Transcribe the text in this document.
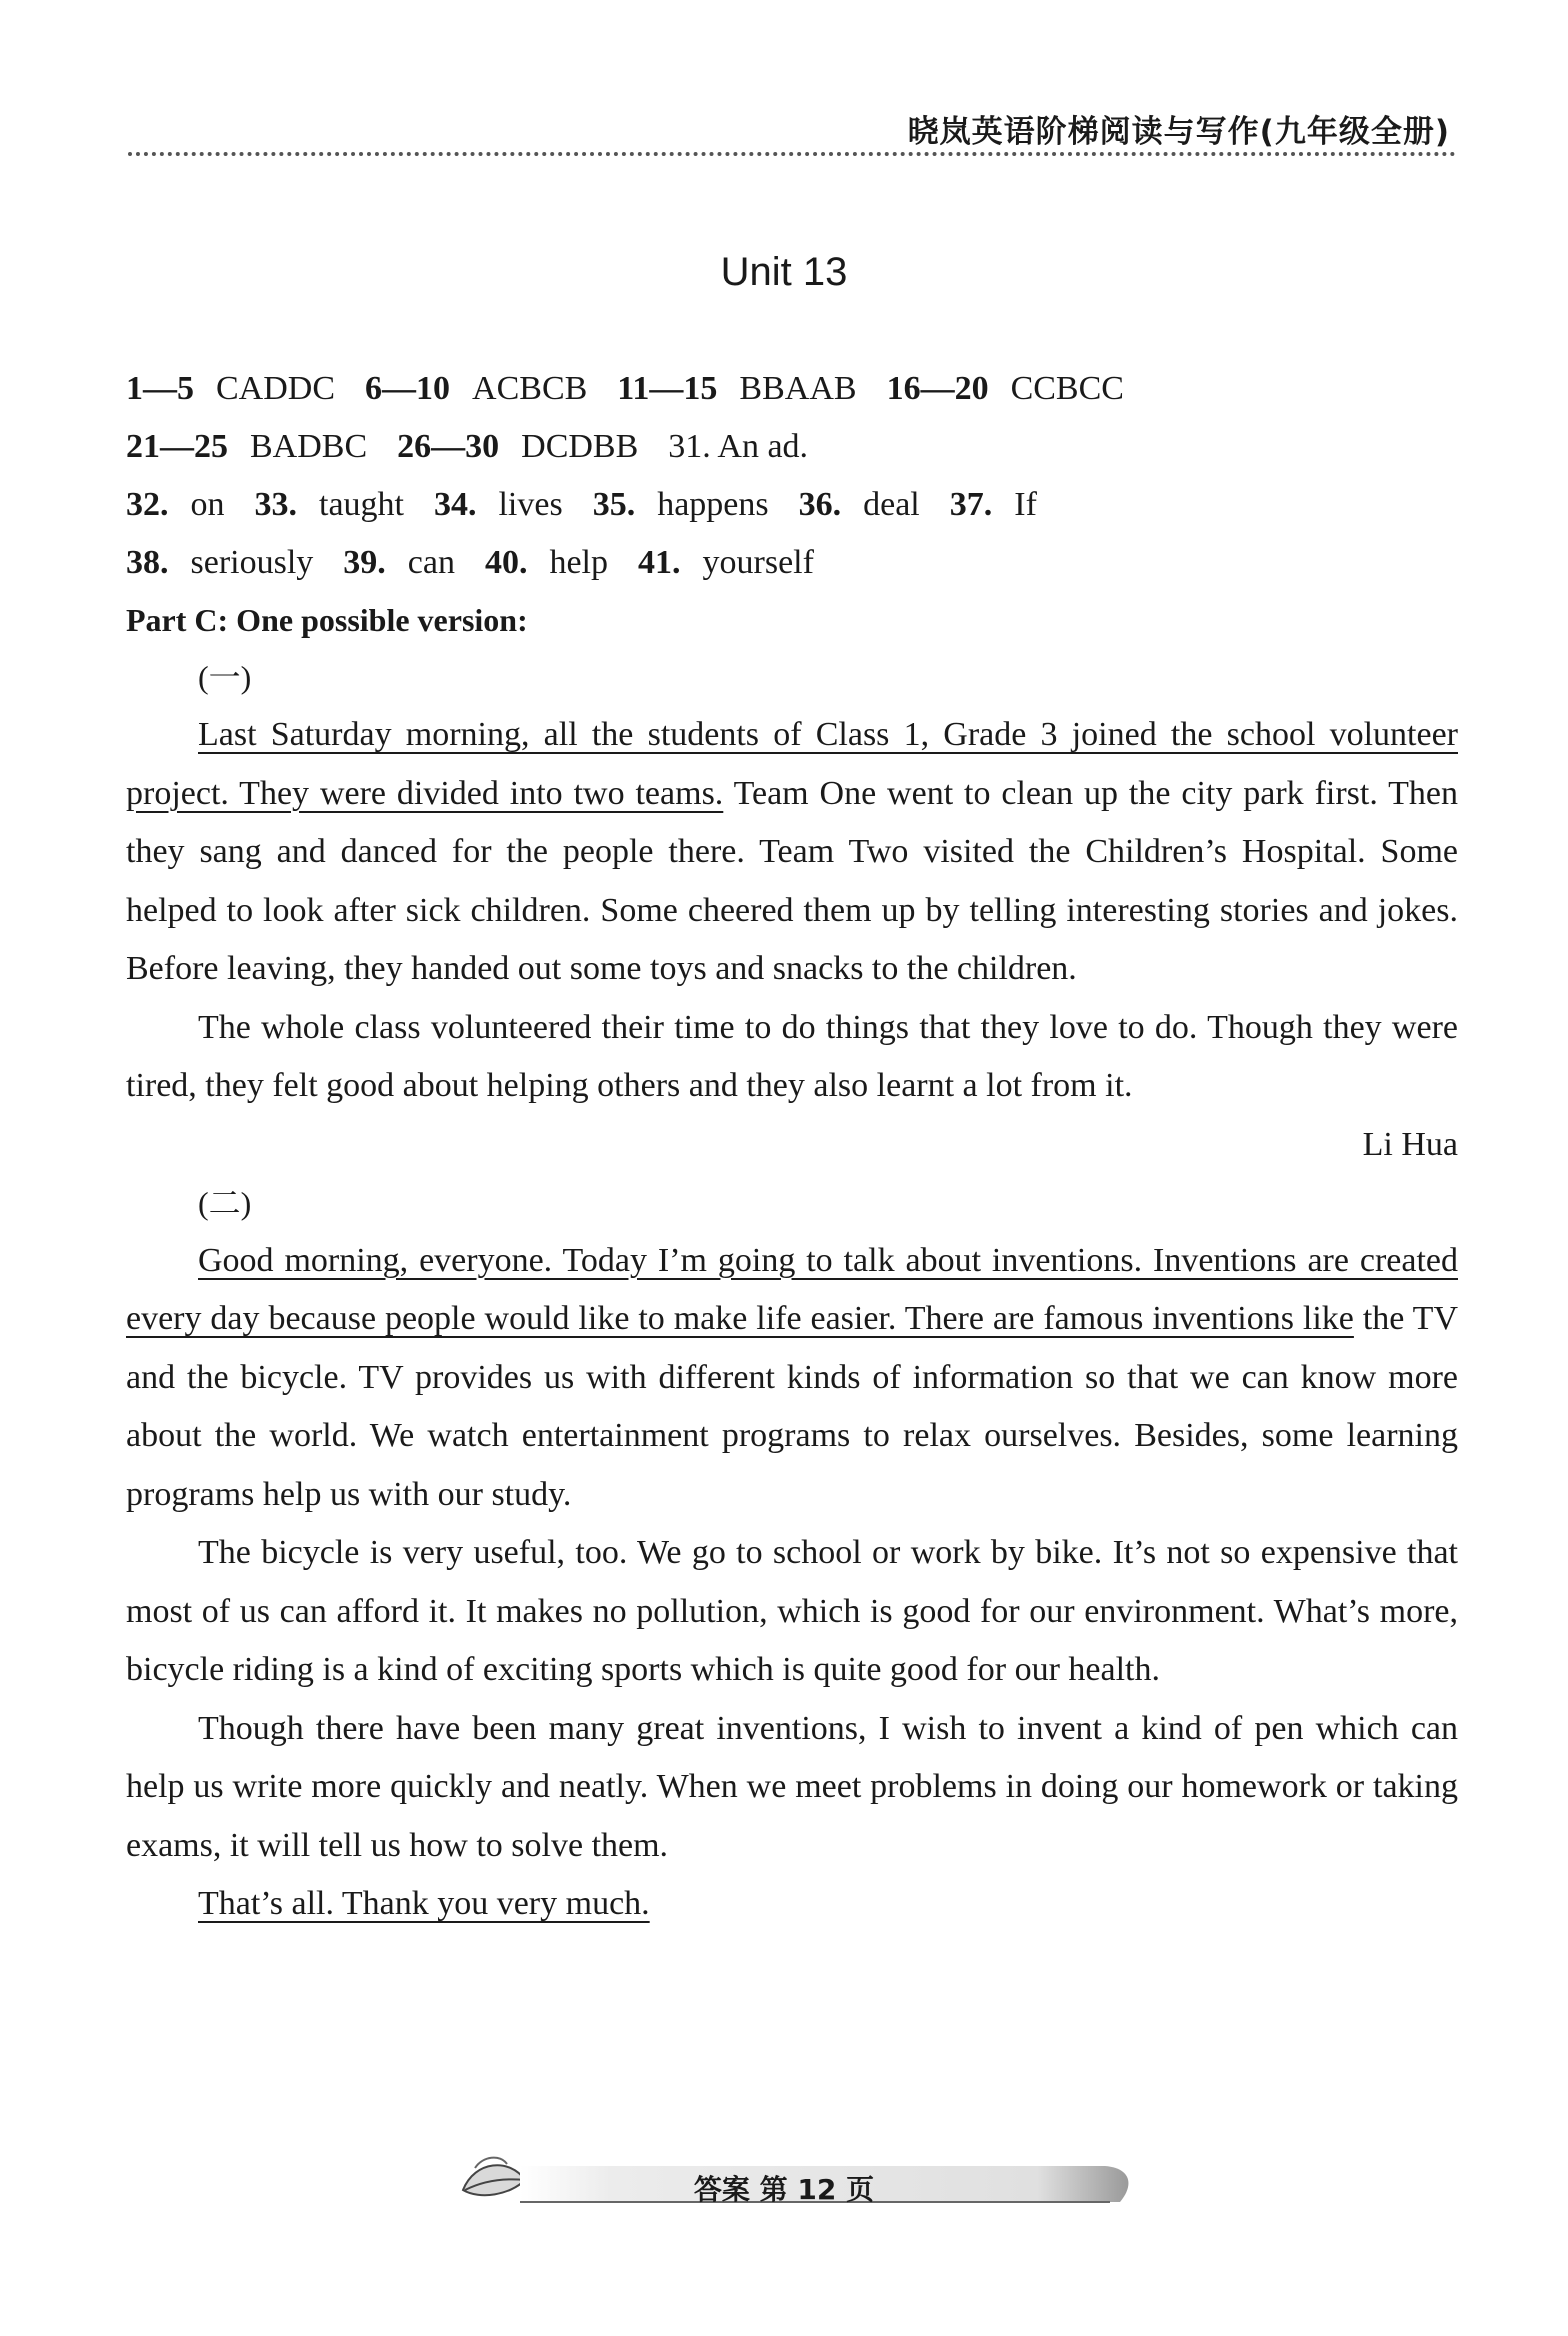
晓岚英语阶梯阅读与写作(九年级全册)
Unit 13
1—5 CADDC 6—10 ACBCB 11—15 BBAAB 16—20 CCBCC
21—25 BADBC 26—30 DCDBB 31. An ad.
32. on 33. taught 34. lives 35. happens 36. deal 37. If
38. seriously 39. can 40. help 41. yourself
Part C: One possible version:
(一)

Last Saturday morning, all the students of Class 1, Grade 3 joined the school volunteer project. They were divided into two teams. Team One went to clean up the city park first. Then they sang and danced for the people there. Team Two visited the Children’s Hospital. Some helped to look after sick children. Some cheered them up by telling interesting stories and jokes. Before leaving, they handed out some toys and snacks to the children.

The whole class volunteered their time to do things that they love to do. Though they were tired, they felt good about helping others and they also learnt a lot from it.

Li Hua
(二)

Good morning, everyone. Today I’m going to talk about inventions. Inventions are created every day because people would like to make life easier. There are famous inventions like the TV and the bicycle. TV provides us with different kinds of information so that we can know more about the world. We watch entertainment programs to relax ourselves. Besides, some learning programs help us with our study.

The bicycle is very useful, too. We go to school or work by bike. It’s not so expensive that most of us can afford it. It makes no pollution, which is good for our environment. What’s more, bicycle riding is a kind of exciting sports which is quite good for our health.

Though there have been many great inventions, I wish to invent a kind of pen which can help us write more quickly and neatly. When we meet problems in doing our homework or taking exams, it will tell us how to solve them.

That’s all. Thank you very much.

答案 第 12 页
